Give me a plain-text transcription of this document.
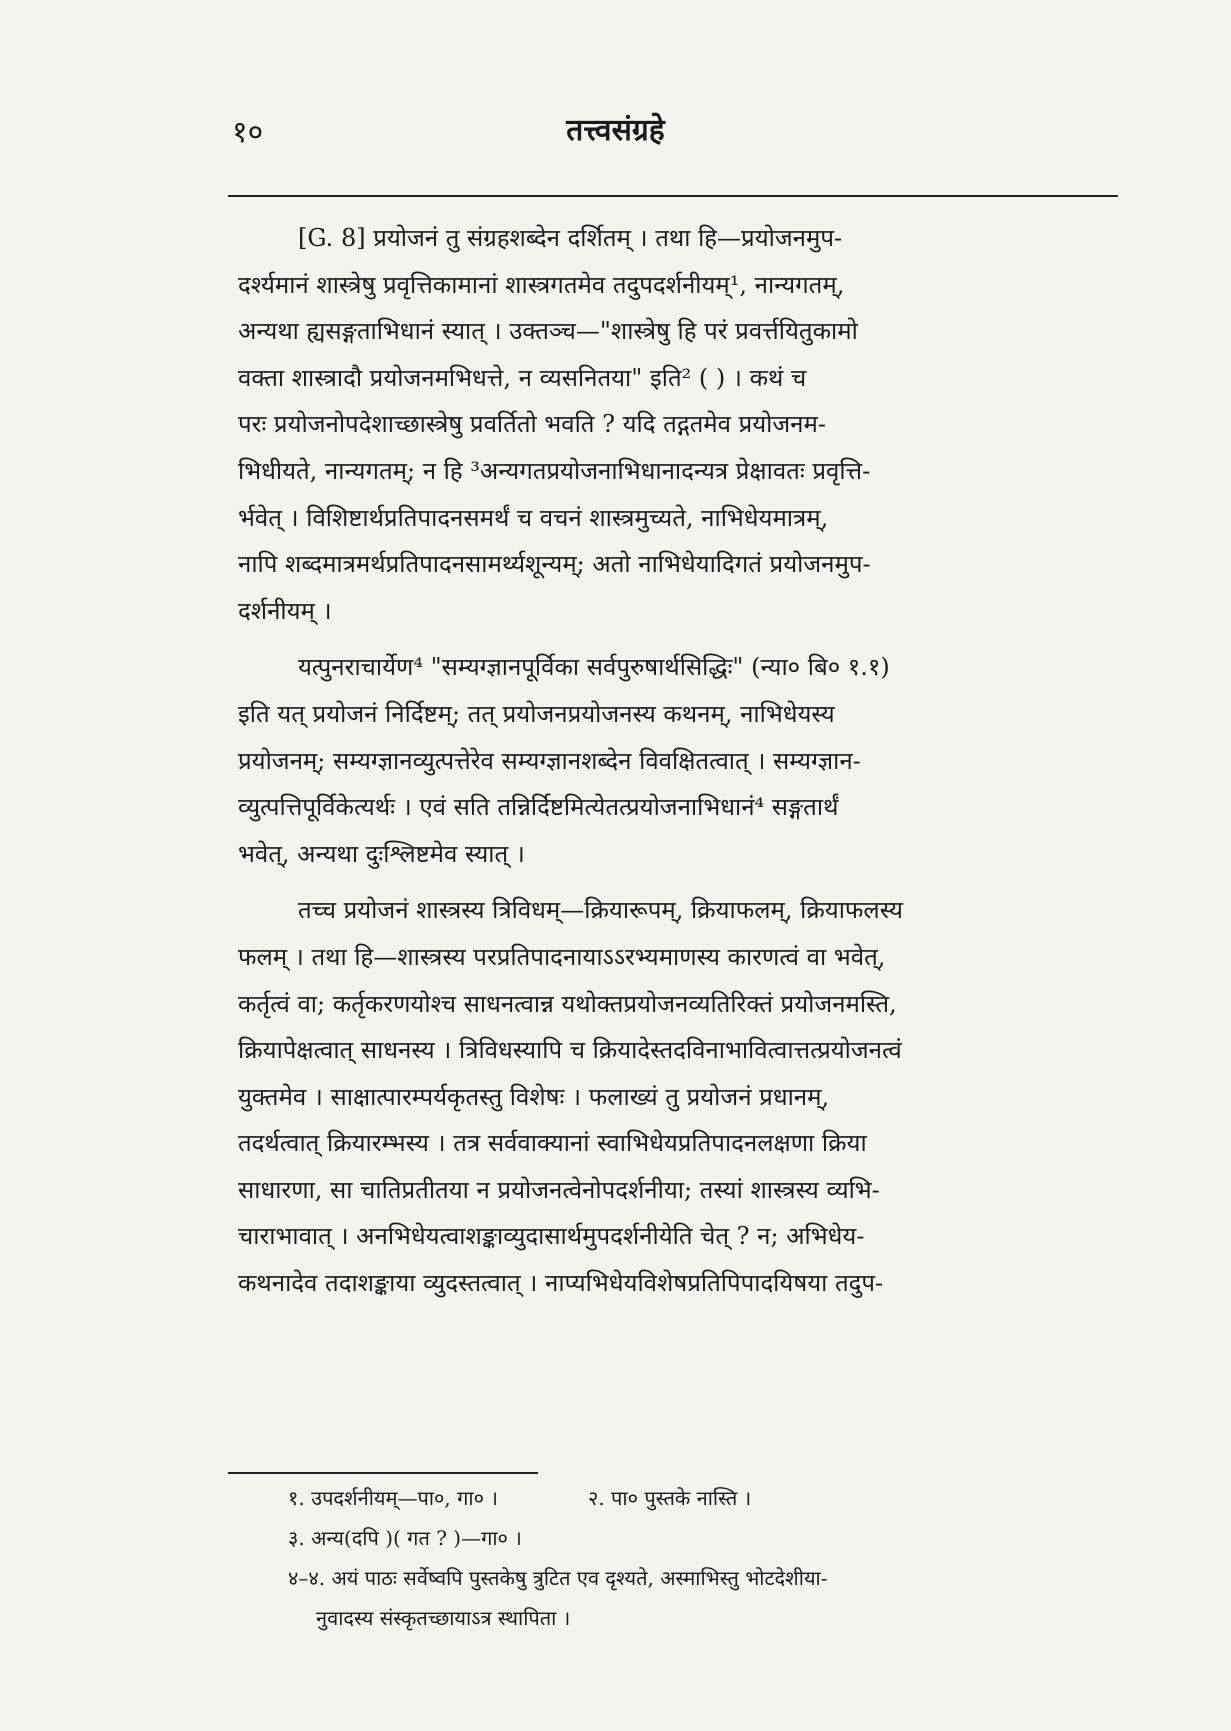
१०	तत्त्वसंग्रहे
[G. 8] प्रयोजनं तु संग्रहशब्देन दर्शितम् । तथा हि—प्रयोजनमुप-
दर्श्यमानं शास्त्रेषु प्रवृत्तिकामानां शास्त्रगतमेव तदुपदर्शनीयम्¹, नान्यगतम्,
अन्यथा ह्यसङ्गताभिधानं स्यात् । उक्तञ्च—"शास्त्रेषु हि परं प्रवर्त्तयितुकामो
वक्ता शास्त्रादौ प्रयोजनमभिधत्ते, न व्यसनितया" इति² ( ) । कथं च
परः प्रयोजनोपदेशाच्छास्त्रेषु प्रवर्तितो भवति ? यदि तद्गतमेव प्रयोजनम-
भिधीयते, नान्यगतम्; न हि ³अन्यगतप्रयोजनाभिधानादन्यत्र प्रेक्षावतः प्रवृत्ति-
र्भवेत् । विशिष्टार्थप्रतिपादनसमर्थं च वचनं शास्त्रमुच्यते, नाभिधेयमात्रम्,
नापि शब्दमात्रमर्थप्रतिपादनसामर्थ्यशून्यम्; अतो नाभिधेयादिगतं प्रयोजनमुप-
दर्शनीयम् ।
यत्पुनराचार्येण⁴ "सम्यग्ज्ञानपूर्विका सर्वपुरुषार्थसिद्धिः" (न्या० बि० १.१)
इति यत् प्रयोजनं निर्दिष्टम्; तत् प्रयोजनप्रयोजनस्य कथनम्, नाभिधेयस्य
प्रयोजनम्; सम्यग्ज्ञानव्युत्पत्तेरेव सम्यग्ज्ञानशब्देन विवक्षितत्वात् । सम्यग्ज्ञान-
व्युत्पत्तिपूर्विकेत्यर्थः । एवं सति तन्निर्दिष्टमित्येतत्प्रयोजनाभिधानं⁴ सङ्गतार्थं
भवेत्, अन्यथा दुःश्लिष्टमेव स्यात् ।
तच्च प्रयोजनं शास्त्रस्य त्रिविधम्—क्रियारूपम्, क्रियाफलम्, क्रियाफलस्य
फलम् । तथा हि—शास्त्रस्य परप्रतिपादनायाऽऽरभ्यमाणस्य कारणत्वं वा भवेत्,
कर्तृत्वं वा; कर्तृकरणयोश्च साधनत्वान्न यथोक्तप्रयोजनव्यतिरिक्तं प्रयोजनमस्ति,
क्रियापेक्षत्वात् साधनस्य । त्रिविधस्यापि च क्रियादेस्तदविनाभावित्वात्तत्प्रयोजनत्वं
युक्तमेव । साक्षात्पारम्पर्यकृतस्तु विशेषः । फलाख्यं तु प्रयोजनं प्रधानम्,
तदर्थत्वात् क्रियारम्भस्य । तत्र सर्ववाक्यानां स्वाभिधेयप्रतिपादनलक्षणा क्रिया
साधारणा, सा चातिप्रतीतया न प्रयोजनत्वेनोपदर्शनीया; तस्यां शास्त्रस्य व्यभि-
चाराभावात् । अनभिधेयत्वाशङ्काव्युदासार्थमुपदर्शनीयेति चेत् ? न; अभिधेय-
कथनादेव तदाशङ्काया व्युदस्तत्वात् । नाप्यभिधेयविशेषप्रतिपिपादयिषया तदुप-
१. उपदर्शनीयम्—पा०, गा० ।	२. पा० पुस्तके नास्ति ।
३. अन्य(दपि )( गत ? )—गा० ।
४–४. अयं पाठः सर्वेष्वपि पुस्तकेषु त्रुटित एव दृश्यते, अस्माभिस्तु भोटदेशीया-
नुवादस्य संस्कृतच्छायाऽत्र स्थापिता ।
